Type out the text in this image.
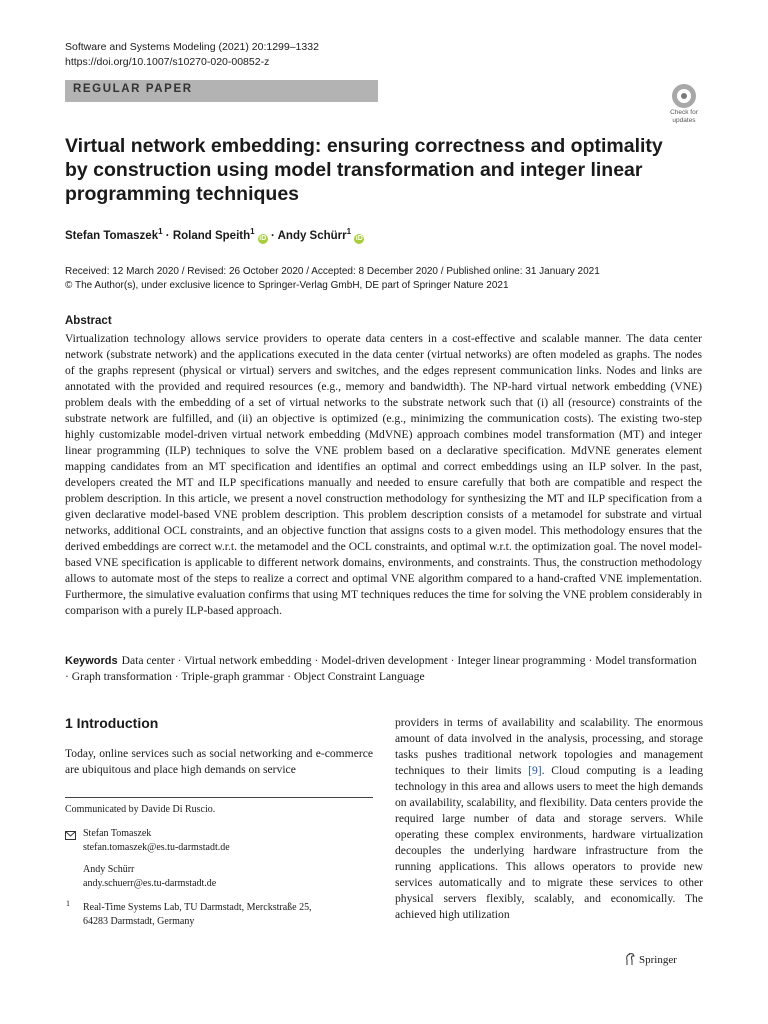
Software and Systems Modeling (2021) 20:1299–1332
https://doi.org/10.1007/s10270-020-00852-z
REGULAR PAPER
Check for
updates
Virtual network embedding: ensuring correctness and optimality by construction using model transformation and integer linear programming techniques
Stefan Tomaszek$^1$ · Roland Speith$^1$ iD · Andy Schürr$^1$ iD
Received: 12 March 2020 / Revised: 26 October 2020 / Accepted: 8 December 2020 / Published online: 31 January 2021
© The Author(s), under exclusive licence to Springer-Verlag GmbH, DE part of Springer Nature 2021
Abstract

Virtualization technology allows service providers to operate data centers in a cost-effective and scalable manner. The data center network (substrate network) and the applications executed in the data center (virtual networks) are often modeled as graphs. The nodes of the graphs represent (physical or virtual) servers and switches, and the edges represent communication links. Nodes and links are annotated with the provided and required resources (e.g., memory and bandwidth). The NP-hard virtual network embedding (VNE) problem deals with the embedding of a set of virtual networks to the substrate network such that (i) all (resource) constraints of the substrate network are fulfilled, and (ii) an objective is optimized (e.g., minimizing the communication costs). The existing two-step highly customizable model-driven virtual network embedding (MdVNE) approach combines model transformation (MT) and integer linear programming (ILP) techniques to solve the VNE problem based on a declarative specification. MdVNE generates element mapping candidates from an MT specification and identifies an optimal and correct embeddings using an ILP solver. In the past, developers created the MT and ILP specifications manually and needed to ensure carefully that both are compatible and respect the problem description. In this article, we present a novel construction methodology for synthesizing the MT and ILP specification from a given declarative model-based VNE problem description. This problem description consists of a metamodel for substrate and virtual networks, additional OCL constraints, and an objective function that assigns costs to a given model. This methodology ensures that the derived embeddings are correct w.r.t. the metamodel and the OCL constraints, and optimal w.r.t. the optimization goal. The novel model-based VNE specification is applicable to different network domains, environments, and constraints. Thus, the construction methodology allows to automate most of the steps to realize a correct and optimal VNE algorithm compared to a hand-crafted VNE implementation. Furthermore, the simulative evaluation confirms that using MT techniques reduces the time for solving the VNE problem considerably in comparison with a purely ILP-based approach.

Keywords Data center · Virtual network embedding · Model-driven development · Integer linear programming · Model transformation · Graph transformation · Triple-graph grammar · Object Constraint Language

1 Introduction

Today, online services such as social networking and e-commerce are ubiquitous and place high demands on service

Communicated by Davide Di Ruscio.
Stefan Tomaszek
stefan.tomaszek@es.tu-darmstadt.de
Andy Schürr
andy.schuerr@es.tu-darmstadt.de
1 Real-Time Systems Lab, TU Darmstadt, Merckstraße 25,
64283 Darmstadt, Germany

providers in terms of availability and scalability. The enormous amount of data involved in the analysis, processing, and storage tasks pushes traditional network topologies and management techniques to their limits [9]. Cloud computing is a leading technology in this area and allows users to meet the high demands on availability, scalability, and flexibility. Data centers provide the required large number of data and storage servers. While operating these complex environments, hardware virtualization decouples the underlying hardware infrastructure from the running applications. This allows operators to provide new services automatically and to migrate these services to other physical servers flexibly, scalably, and economically. The achieved high utilization

Springer
